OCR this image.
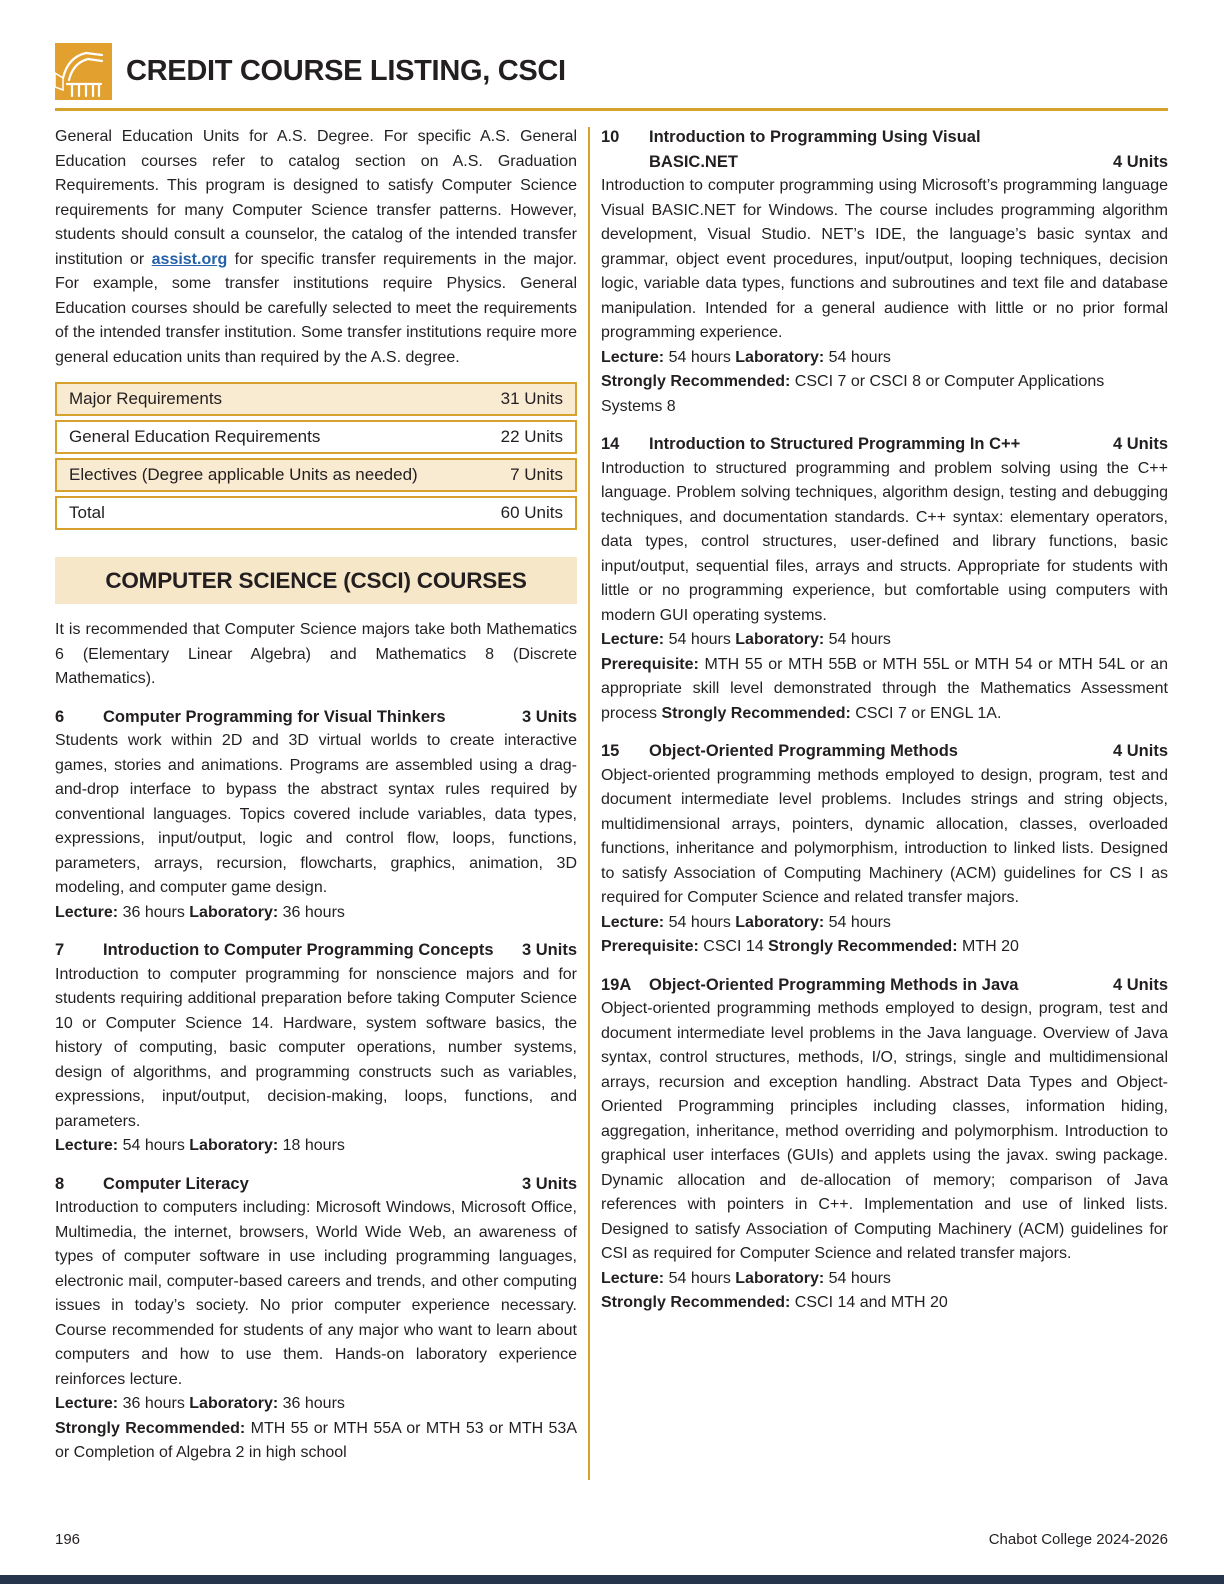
CREDIT COURSE LISTING, CSCI

General Education Units for A.S. Degree. For specific A.S. General Education courses refer to catalog section on A.S. Graduation Requirements. This program is designed to satisfy Computer Science requirements for many Computer Science transfer patterns. However, students should consult a counselor, the catalog of the intended transfer institution or assist.org for specific transfer requirements in the major. For example, some transfer institutions require Physics. General Education courses should be carefully selected to meet the requirements of the intended transfer institution. Some transfer institutions require more general education units than required by the A.S. degree.

Major Requirements	31 Units
General Education Requirements	22 Units
Electives (Degree applicable Units as needed)	7 Units
Total	60 Units
COMPUTER SCIENCE (CSCI) COURSES

It is recommended that Computer Science majors take both Mathematics 6 (Elementary Linear Algebra) and Mathematics 8 (Discrete Mathematics).

6	Computer Programming for Visual Thinkers	3 Units

Students work within 2D and 3D virtual worlds to create interactive games, stories and animations. Programs are assembled using a drag-and-drop interface to bypass the abstract syntax rules required by conventional languages. Topics covered include variables, data types, expressions, input/output, logic and control flow, loops, functions, parameters, arrays, recursion, flowcharts, graphics, animation, 3D modeling, and computer game design.

Lecture: 36 hours Laboratory: 36 hours

7	Introduction to Computer Programming Concepts	3 Units

Introduction to computer programming for nonscience majors and for students requiring additional preparation before taking Computer Science 10 or Computer Science 14. Hardware, system software basics, the history of computing, basic computer operations, number systems, design of algorithms, and programming constructs such as variables, expressions, input/output, decision-making, loops, functions, and parameters.

Lecture: 54 hours Laboratory: 18 hours

8	Computer Literacy	3 Units

Introduction to computers including: Microsoft Windows, Microsoft Office, Multimedia, the internet, browsers, World Wide Web, an awareness of types of computer software in use including programming languages, electronic mail, computer-based careers and trends, and other computing issues in today’s society. No prior computer experience necessary. Course recommended for students of any major who want to learn about computers and how to use them. Hands-on laboratory experience reinforces lecture.

Lecture: 36 hours Laboratory: 36 hours

Strongly Recommended: MTH 55 or MTH 55A or MTH 53 or MTH 53A or Completion of Algebra 2 in high school

10	Introduction to Programming Using Visual
BASIC.NET	4 Units

Introduction to computer programming using Microsoft’s programming language Visual BASIC.NET for Windows. The course includes programming algorithm development, Visual Studio. NET’s IDE, the language’s basic syntax and grammar, object event procedures, input/output, looping techniques, decision logic, variable data types, functions and subroutines and text file and database manipulation. Intended for a general audience with little or no prior formal programming experience.

Lecture: 54 hours Laboratory: 54 hours

Strongly Recommended: CSCI 7 or CSCI 8 or Computer Applications Systems 8

14	Introduction to Structured Programming In C++	4 Units

Introduction to structured programming and problem solving using the C++ language. Problem solving techniques, algorithm design, testing and debugging techniques, and documentation standards. C++ syntax: elementary operators, data types, control structures, user-defined and library functions, basic input/output, sequential files, arrays and structs. Appropriate for students with little or no programming experience, but comfortable using computers with modern GUI operating systems.

Lecture: 54 hours Laboratory: 54 hours

Prerequisite: MTH 55 or MTH 55B or MTH 55L or MTH 54 or MTH 54L or an appropriate skill level demonstrated through the Mathematics Assessment process Strongly Recommended: CSCI 7 or ENGL 1A.

15	Object-Oriented Programming Methods	4 Units

Object-oriented programming methods employed to design, program, test and document intermediate level problems. Includes strings and string objects, multidimensional arrays, pointers, dynamic allocation, classes, overloaded functions, inheritance and polymorphism, introduction to linked lists. Designed to satisfy Association of Computing Machinery (ACM) guidelines for CS I as required for Computer Science and related transfer majors.

Lecture: 54 hours Laboratory: 54 hours

Prerequisite: CSCI 14 Strongly Recommended: MTH 20

19A	Object-Oriented Programming Methods in Java	4 Units

Object-oriented programming methods employed to design, program, test and document intermediate level problems in the Java language. Overview of Java syntax, control structures, methods, I/O, strings, single and multidimensional arrays, recursion and exception handling. Abstract Data Types and Object-Oriented Programming principles including classes, information hiding, aggregation, inheritance, method overriding and polymorphism. Introduction to graphical user interfaces (GUIs) and applets using the javax. swing package. Dynamic allocation and de-allocation of memory; comparison of Java references with pointers in C++. Implementation and use of linked lists. Designed to satisfy Association of Computing Machinery (ACM) guidelines for CSI as required for Computer Science and related transfer majors.

Lecture: 54 hours Laboratory: 54 hours

Strongly Recommended: CSCI 14 and MTH 20

196	Chabot College 2024-2026
